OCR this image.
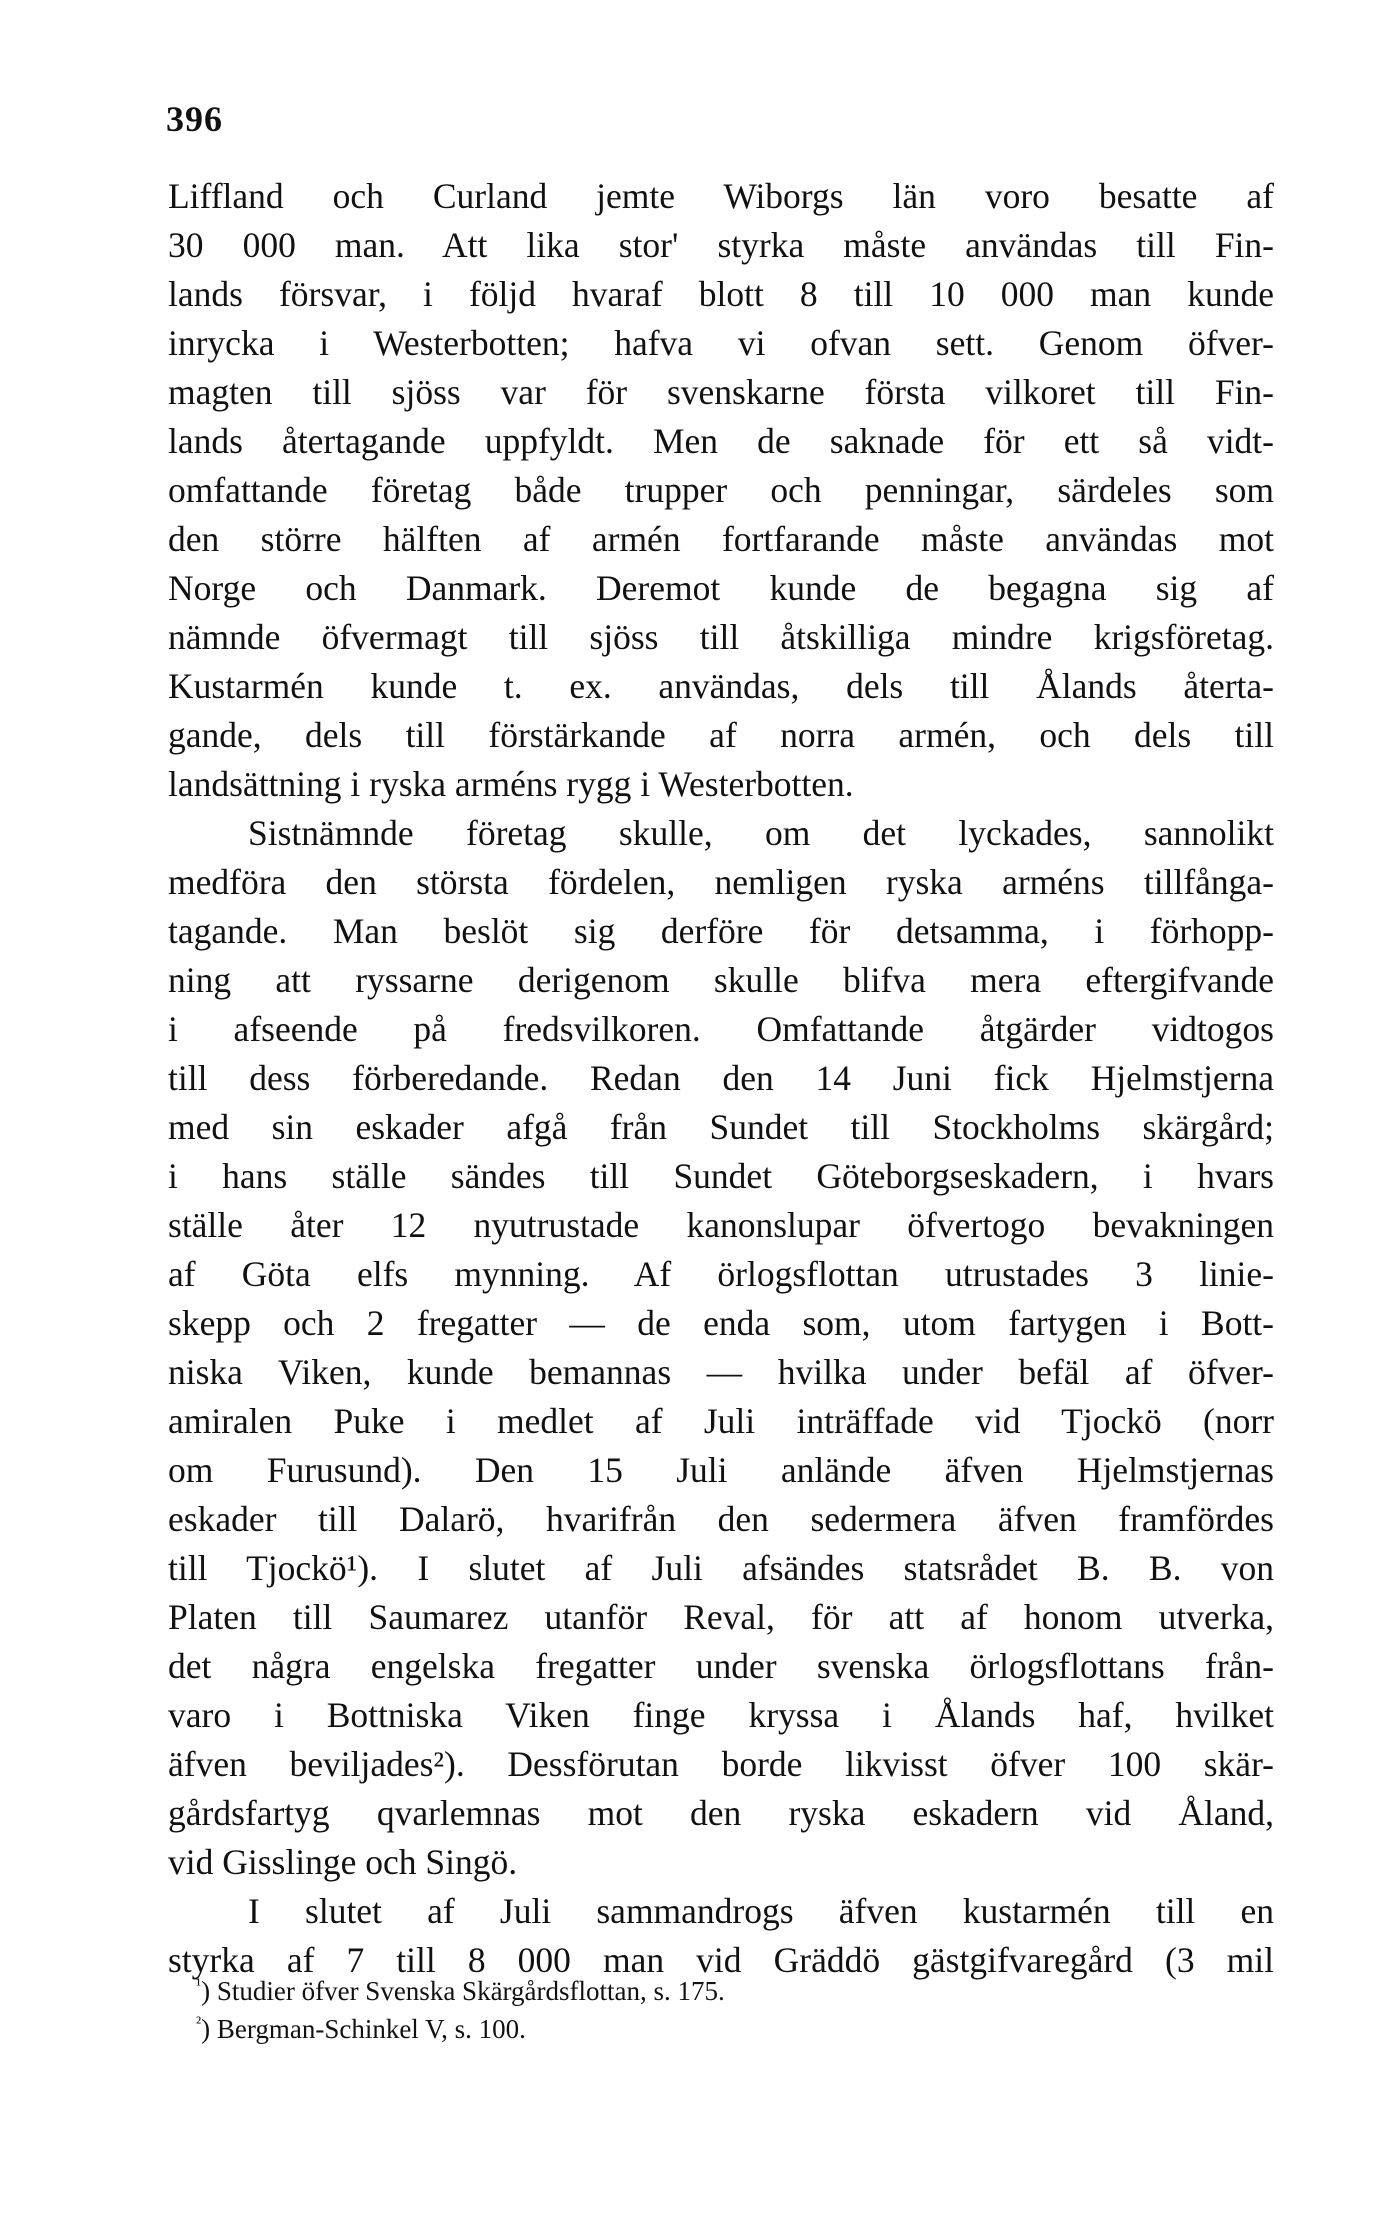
396
Liffland och Curland jemte Wiborgs län voro besatte af
30 000 man. Att lika stor' styrka måste användas till Fin-
lands försvar, i följd hvaraf blott 8 till 10 000 man kunde
inrycka i Westerbotten; hafva vi ofvan sett. Genom öfver-
magten till sjöss var för svenskarne första vilkoret till Fin-
lands återtagande uppfyldt. Men de saknade för ett så vidt-
omfattande företag både trupper och penningar, särdeles som
den större hälften af armén fortfarande måste användas mot
Norge och Danmark. Deremot kunde de begagna sig af
nämnde öfvermagt till sjöss till åtskilliga mindre krigsföretag.
Kustarmén kunde t. ex. användas, dels till Ålands återta-
gande, dels till förstärkande af norra armén, och dels till
landsättning i ryska arméns rygg i Westerbotten.
Sistnämnde företag skulle, om det lyckades, sannolikt
medföra den största fördelen, nemligen ryska arméns tillfånga-
tagande. Man beslöt sig derföre för detsamma, i förhopp-
ning att ryssarne derigenom skulle blifva mera eftergifvande
i afseende på fredsvilkoren. Omfattande åtgärder vidtogos
till dess förberedande. Redan den 14 Juni fick Hjelmstjerna
med sin eskader afgå från Sundet till Stockholms skärgård;
i hans ställe sändes till Sundet Göteborgseskadern, i hvars
ställe åter 12 nyutrustade kanonslupar öfvertogo bevakningen
af Göta elfs mynning. Af örlogsflottan utrustades 3 linie-
skepp och 2 fregatter — de enda som, utom fartygen i Bott-
niska Viken, kunde bemannas — hvilka under befäl af öfver-
amiralen Puke i medlet af Juli inträffade vid Tjockö (norr
om Furusund). Den 15 Juli anlände äfven Hjelmstjernas
eskader till Dalarö, hvarifrån den sedermera äfven framfördes
till Tjockö¹). I slutet af Juli afsändes statsrådet B. B. von
Platen till Saumarez utanför Reval, för att af honom utverka,
det några engelska fregatter under svenska örlogsflottans från-
varo i Bottniska Viken finge kryssa i Ålands haf, hvilket
äfven beviljades²). Dessförutan borde likvisst öfver 100 skär-
gårdsfartyg qvarlemnas mot den ryska eskadern vid Åland,
vid Gisslinge och Singö.
I slutet af Juli sammandrogs äfven kustarmén till en
styrka af 7 till 8 000 man vid Gräddö gästgifvaregård (3 mil
$^{^1}$) Studier öfver Svenska Skärgårdsflottan, s. 175.
$^{^2}$) Bergman-Schinkel V, s. 100.
